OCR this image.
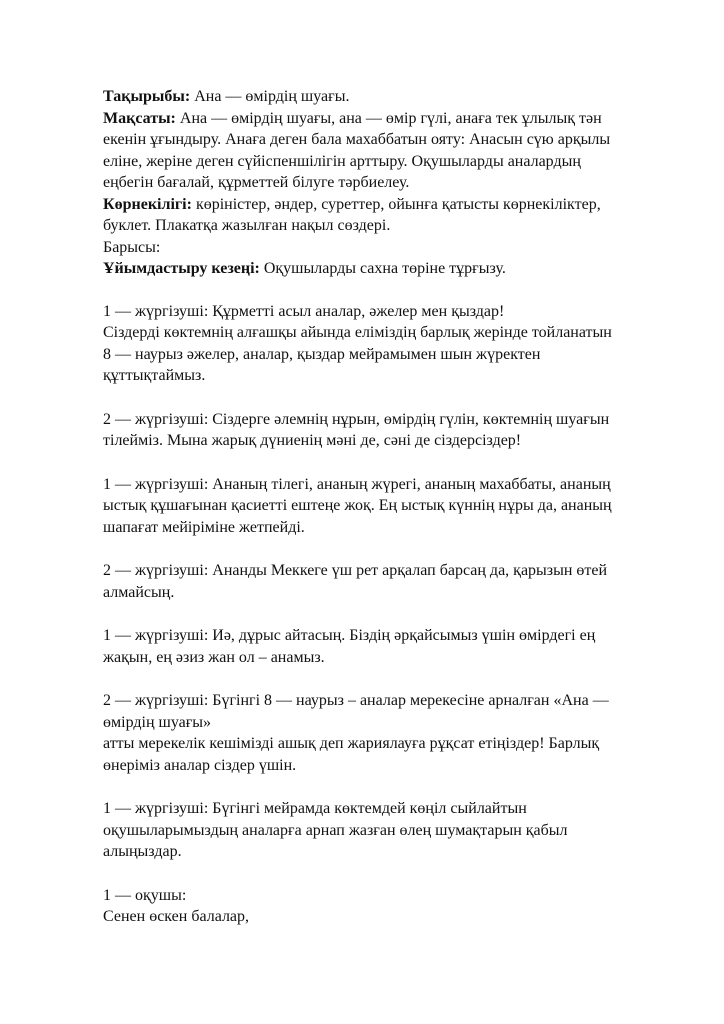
Тақырыбы: Ана — өмірдің шуағы.
Мақсаты: Ана — өмірдің шуағы, ана — өмір гүлі, анаға тек ұлылық тән
екенін ұғындыру. Анаға деген бала махаббатын ояту: Анасын сүю арқылы
еліне, жеріне деген сүйіспеншілігін арттыру. Оқушыларды аналардың
еңбегін бағалай, құрметтей білуге тәрбиелеу.
Көрнекілігі: көріністер, әндер, суреттер, ойынға қатысты көрнекіліктер,
буклет. Плакатқа жазылған нақыл сөздері.
Барысы:
Ұйымдастыру кезеңі: Оқушыларды сахна төріне тұрғызу.
1 — жүргізуші: Құрметті асыл аналар, әжелер мен қыздар!
Сіздерді көктемнің алғашқы айында еліміздің барлық жерінде тойланатын
8 — наурыз әжелер, аналар, қыздар мейрамымен шын жүректен
құттықтаймыз.
2 — жүргізуші: Сіздерге әлемнің нұрын, өмірдің гүлін, көктемнің шуағын
тілейміз. Мына жарық дүниенің мәні де, сәні де сіздерсіздер!
1 — жүргізуші: Ананың тілегі, ананың жүрегі, ананың махаббаты, ананың
ыстық құшағынан қасиетті ештеңе жоқ. Ең ыстық күннің нұры да, ананың
шапағат мейіріміне жетпейді.
2 — жүргізуші: Ананды Меккеге үш рет арқалап барсаң да, қарызын өтей
алмайсың.
1 — жүргізуші: Иә, дұрыс айтасың. Біздің әрқайсымыз үшін өмірдегі ең
жақын, ең әзиз жан ол – анамыз.
2 — жүргізуші: Бүгінгі 8 — наурыз – аналар мерекесіне арналған «Ана —
өмірдің шуағы»
атты мерекелік кешімізді ашық деп жариялауға рұқсат етіңіздер! Барлық
өнеріміз аналар сіздер үшін.
1 — жүргізуші: Бүгінгі мейрамда көктемдей көңіл сыйлайтын
оқушыларымыздың аналарға арнап жазған өлең шумақтарын қабыл
алыңыздар.
1 — оқушы:
Сенен өскен балалар,
